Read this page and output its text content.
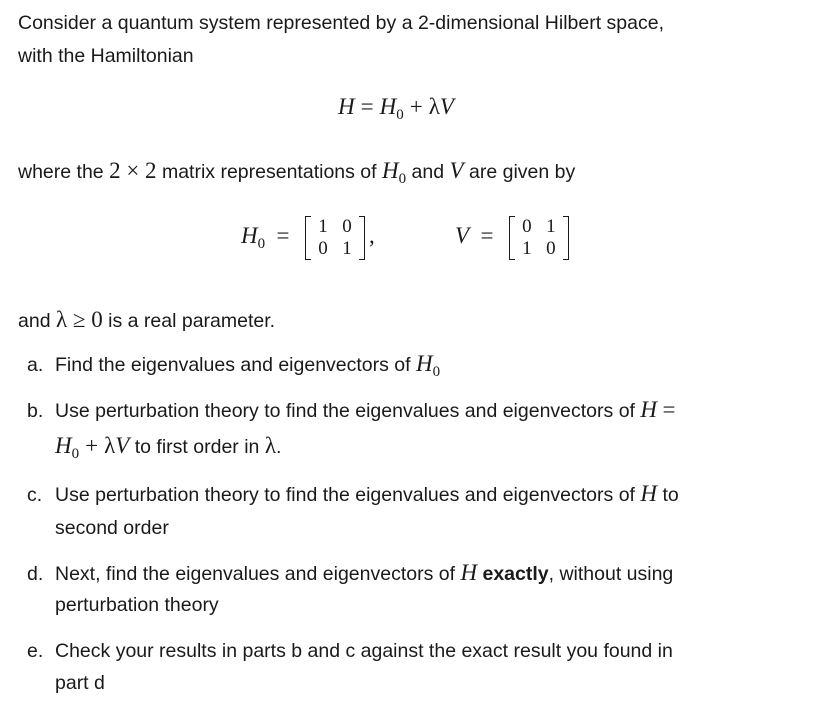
Consider a quantum system represented by a 2-dimensional Hilbert space,
with the Hamiltonian
$H = H_0 + \lambda V$
where the 2 × 2 matrix representations of $H_0$ and V are given by
$H_0$ =	1 0
0 1
,	V =	0 1
1 0
and λ ≥ 0 is a real parameter.
a. Find the eigenvalues and eigenvectors of $H_0$
b. Use perturbation theory to find the eigenvalues and eigenvectors of H =
$H_0 + \lambda V$ to first order in λ.
c. Use perturbation theory to find the eigenvalues and eigenvectors of H to
second order
d. Next, find the eigenvalues and eigenvectors of H exactly, without using
perturbation theory
e. Check your results in parts b and c against the exact result you found in
part d
